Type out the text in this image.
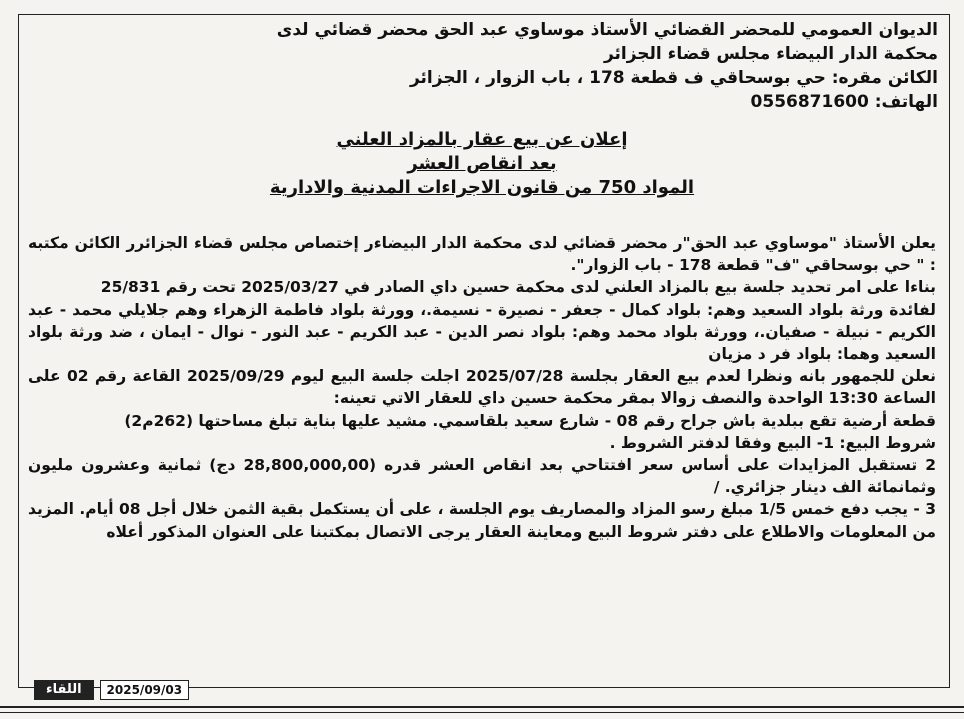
الديوان العمومي للمحضر القضائي الأستاذ موساوي عبد الحق محضر قضائي لدى
محكمة الدار البيضاء مجلس قضاء الجزائر
الكائن مقره: حي بوسحاقي ف قطعة 178 ، باب الزوار ، الجزائر
الهاتف: 0556871600
إعلان عن بيع عقار بالمزاد العلني
بعد انقاص العشر
المواد 750 من قانون الاجراءات المدنية والادارية

يعلن الأستاذ "موساوي عبد الحق"ر محضر قضائي لدى محكمة الدار البيضاءر إختصاص مجلس قضاء الجزائرر الكائن مكتبه : " حي بوسحاقي "ف" قطعة 178 - باب الزوار".

بناءا على امر تحديد جلسة بيع بالمزاد العلني لدى محكمة حسين داي الصادر في 2025/03/27 تحت رقم 25/831

لفائدة ورثة بلواد السعيد وهم: بلواد كمال - جعفر - نصيرة - نسيمة.، وورثة بلواد فاطمة الزهراء وهم جلايلي محمد - عبد الكريم - نبيلة - صفيان.، وورثة بلواد محمد وهم: بلواد نصر الدين - عبد الكريم - عبد النور - نوال - ايمان ، ضد ورثة بلواد السعيد وهما: بلواد فر د مزيان

نعلن للجمهور بانه ونظرا لعدم بيع العقار بجلسة 2025/07/28 اجلت جلسة البيع ليوم 2025/09/29 القاعة رقم 02 على الساعة 13:30 الواحدة والنصف زوالا بمقر محكمة حسين داي للعقار الاتي تعينه:

قطعة أرضية تقع ببلدية باش جراح رقم 08 - شارع سعيد بلقاسمي. مشيد عليها بناية تبلغ مساحتها (262م2)

شروط البيع: 1- البيع وفقا لدفتر الشروط .

2 تستقبل المزايدات على أساس سعر افتتاحي بعد انقاص العشر قدره (28,800,000,00 دج) ثمانية وعشرون مليون وثمانمائة الف دينار جزائري. /

3 - يجب دفع خمس 1/5 مبلغ رسو المزاد والمصاريف يوم الجلسة ، على أن يستكمل بقية الثمن خلال أجل 08 أيام. المزيد من المعلومات والاطلاع على دفتر شروط البيع ومعاينة العقار يرجى الاتصال بمكتبنا على العنوان المذكور أعلاه

اللقاء	2025/09/03
